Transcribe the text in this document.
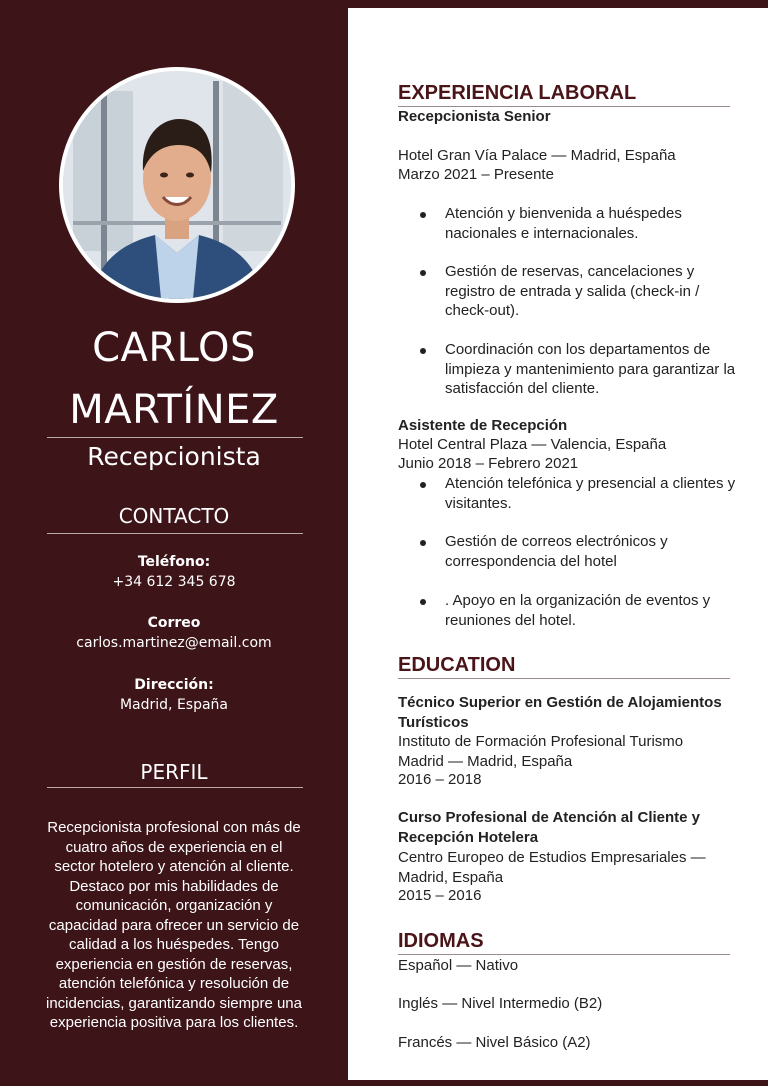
CARLOS
MARTÍNEZ
Recepcionista
CONTACTO
Teléfono:
+34 612 345 678
Correo
carlos.martinez@email.com
Dirección:
Madrid, España
PERFIL
Recepcionista profesional con más de cuatro años de experiencia en el sector hotelero y atención al cliente. Destaco por mis habilidades de comunicación, organización y capacidad para ofrecer un servicio de calidad a los huéspedes. Tengo experiencia en gestión de reservas, atención telefónica y resolución de incidencias, garantizando siempre una experiencia positiva para los clientes.
EXPERIENCIA LABORAL
Recepcionista Senior
Hotel Gran Vía Palace — Madrid, España
Marzo 2021 – Presente
Atención y bienvenida a huéspedes nacionales e internacionales.
Gestión de reservas, cancelaciones y registro de entrada y salida (check-in / check-out).
Coordinación con los departamentos de limpieza y mantenimiento para garantizar la satisfacción del cliente.
Asistente de Recepción
Hotel Central Plaza — Valencia, España
Junio 2018 – Febrero 2021
Atención telefónica y presencial a clientes y visitantes.
Gestión de correos electrónicos y correspondencia del hotel
. Apoyo en la organización de eventos y reuniones del hotel.
EDUCATION
Técnico Superior en Gestión de Alojamientos Turísticos
Instituto de Formación Profesional Turismo Madrid — Madrid, España
2016 – 2018
Curso Profesional de Atención al Cliente y Recepción Hotelera
Centro Europeo de Estudios Empresariales — Madrid, España
2015 – 2016
IDIOMAS
Español — Nativo
Inglés — Nivel Intermedio (B2)
Francés — Nivel Básico (A2)
